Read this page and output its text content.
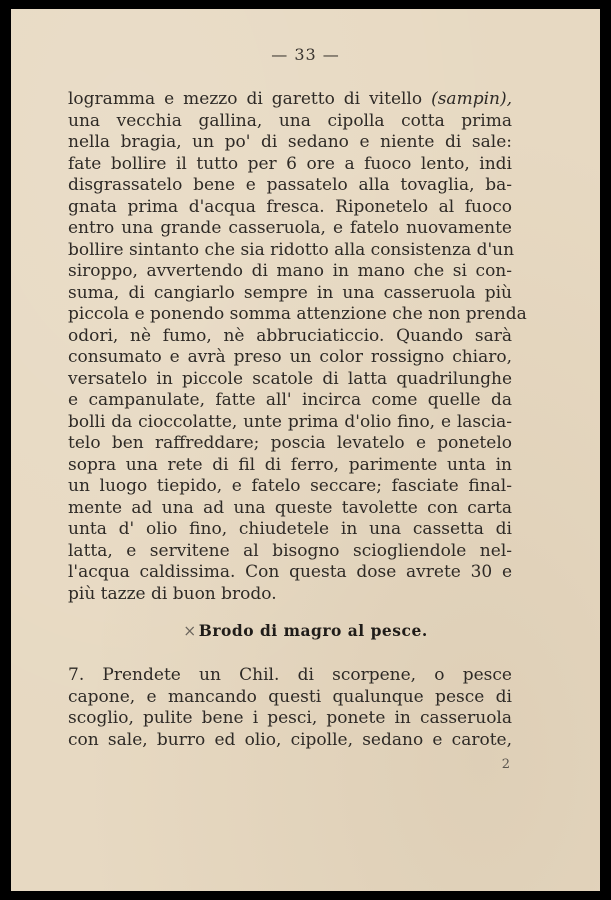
— 33 —
logramma e mezzo di garetto di vitello (sampin),
una vecchia gallina, una cipolla cotta prima
nella bragia, un po' di sedano e niente di sale:
fate bollire il tutto per 6 ore a fuoco lento, indi
disgrassatelo bene e passatelo alla tovaglia, ba-
gnata prima d'acqua fresca. Riponetelo al fuoco
entro una grande casseruola, e fatelo nuovamente
bollire sintanto che sia ridotto alla consistenza d'un
siroppo, avvertendo di mano in mano che si con-
suma, di cangiarlo sempre in una casseruola più
piccola e ponendo somma attenzione che non prenda
odori, nè fumo, nè abbruciaticcio. Quando sarà
consumato e avrà preso un color rossigno chiaro,
versatelo in piccole scatole di latta quadrilunghe
e campanulate, fatte all' incirca come quelle da
bolli da cioccolatte, unte prima d'olio fino, e lascia-
telo ben raffreddare; poscia levatelo e ponetelo
sopra una rete di fil di ferro, parimente unta in
un luogo tiepido, e fatelo seccare; fasciate final-
mente ad una ad una queste tavolette con carta
unta d' olio fino, chiudetele in una cassetta di
latta, e servitene al bisogno sciogliendole nel-
l'acqua caldissima. Con questa dose avrete 30 e
più tazze di buon brodo.
× Brodo di magro al pesce.
7. Prendete un Chil. di scorpene, o pesce
capone, e mancando questi qualunque pesce di
scoglio, pulite bene i pesci, ponete in casseruola
con sale, burro ed olio, cipolle, sedano e carote,
2
